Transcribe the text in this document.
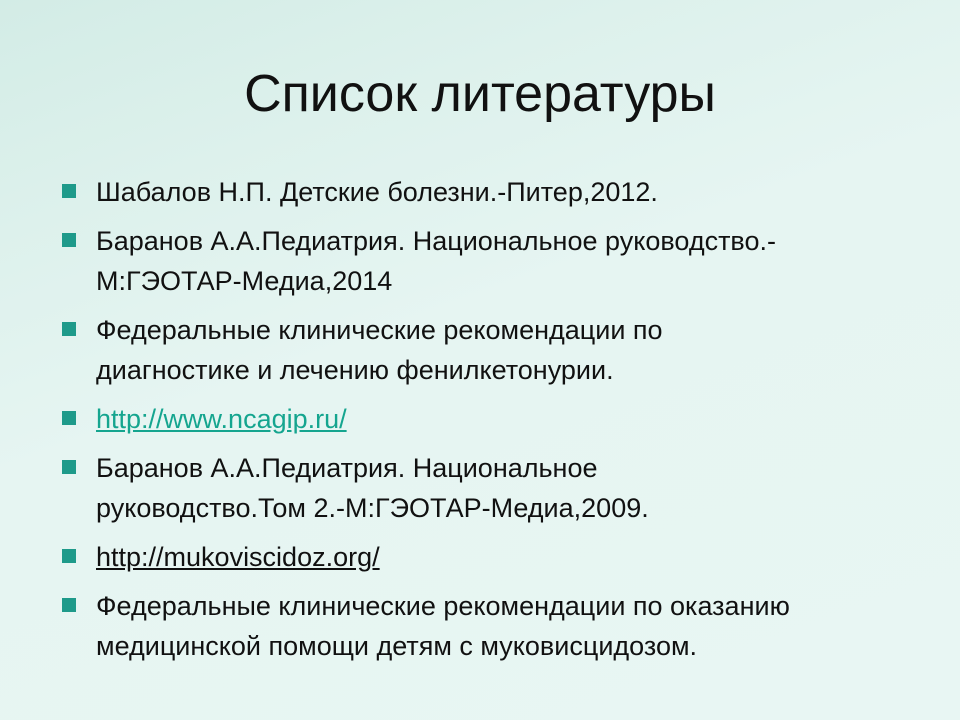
Список литературы
Шабалов Н.П. Детские болезни.-Питер,2012.
Баранов А.А.Педиатрия. Национальное руководство.-М:ГЭОТАР-Медиа,2014
Федеральные клинические рекомендации по диагностике и лечению фенилкетонурии.
http://www.ncagip.ru/
Баранов А.А.Педиатрия. Национальное руководство.Том 2.-М:ГЭОТАР-Медиа,2009.
http://mukoviscidoz.org/
Федеральные клинические рекомендации по оказанию медицинской помощи детям с муковисцидозом.
